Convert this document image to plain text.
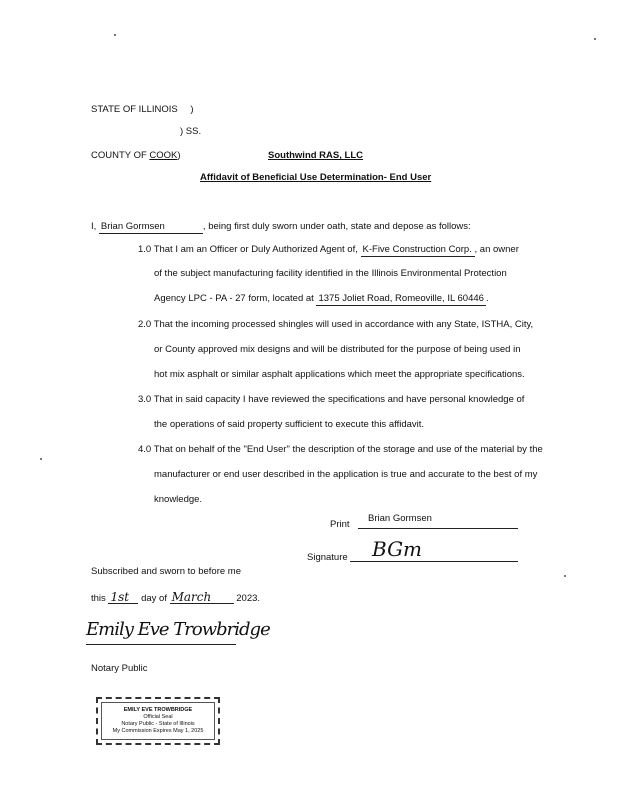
STATE OF ILLINOIS )
) SS.
COUNTY OF COOK)	Southwind RAS, LLC
Affidavit of Beneficial Use Determination- End User
I, Brian Gormsen	, being first duly sworn under oath, state and depose as follows:
1.0 That I am an Officer or Duly Authorized Agent of, K-Five Construction Corp. , an owner
of the subject manufacturing facility identified in the Illinois Environmental Protection
Agency LPC - PA - 27 form, located at 1375 Joliet Road, Romeoville, IL 60446 .
2.0 That the incoming processed shingles will used in accordance with any State, ISTHA, City,
or County approved mix designs and will be distributed for the purpose of being used in
hot mix asphalt or similar asphalt applications which meet the appropriate specifications.
3.0 That in said capacity I have reviewed the specifications and have personal knowledge of
the operations of said property sufficient to execute this affidavit.
4.0 That on behalf of the "End User" the description of the storage and use of the material by the
manufacturer or end user described in the application is true and accurate to the best of my
knowledge.
Print
Brian Gormsen
Signature BGm
Subscribed and sworn to before me
this 1st day of March	2023.
Emily Eve Trowbridge
Notary Public
EMILY EVE TROWBRIDGE
Official Seal
Notary Public - State of Illinois
My Commission Expires May 1, 2025
